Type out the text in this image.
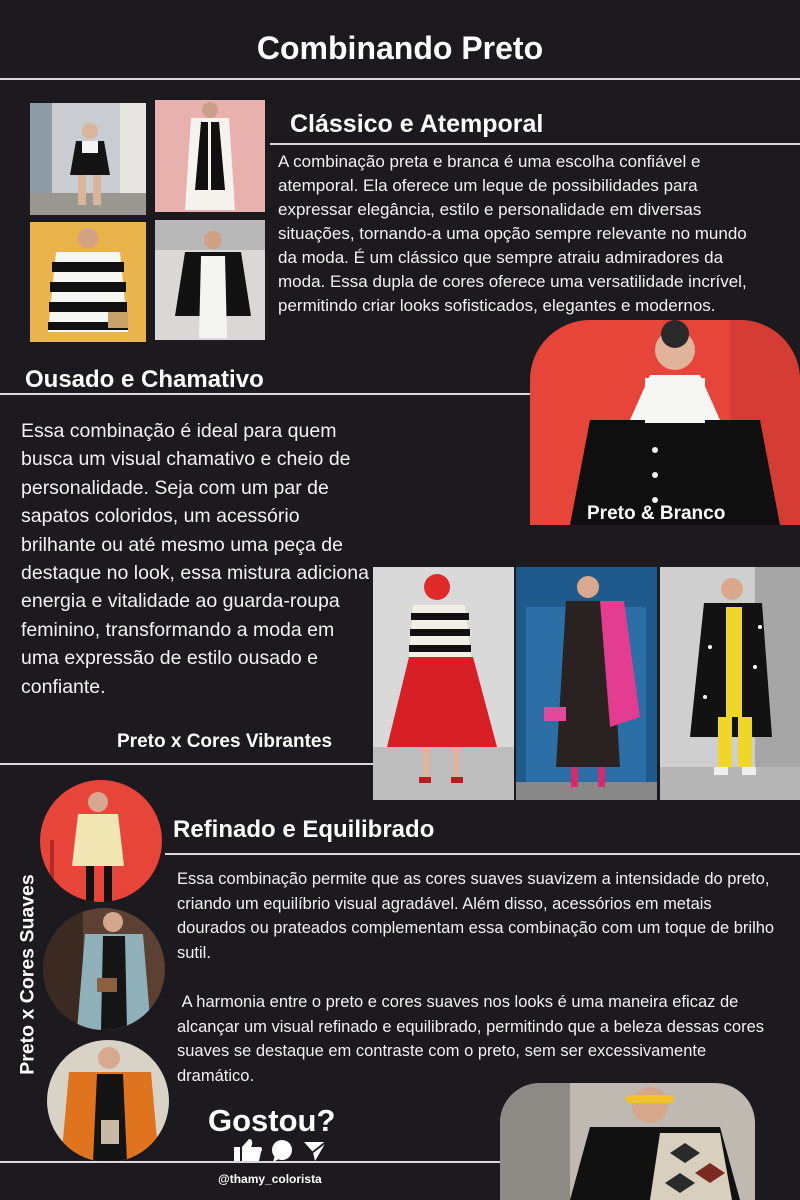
Combinando Preto
Clássico e Atemporal
A combinação preta e branca é uma escolha confiável e atemporal. Ela oferece um leque de possibilidades para expressar elegância, estilo e personalidade em diversas situações, tornando-a uma opção sempre relevante no mundo da moda. É um clássico que sempre atraiu admiradores da moda. Essa dupla de cores oferece uma versatilidade incrível, permitindo criar looks sofisticados, elegantes e modernos.
Preto & Branco
Ousado e Chamativo
Essa combinação é ideal para quem busca um visual chamativo e cheio de personalidade. Seja com um par de sapatos coloridos, um acessório brilhante ou até mesmo uma peça de destaque no look, essa mistura adiciona energia e vitalidade ao guarda-roupa feminino, transformando a moda em uma expressão de estilo ousado e confiante.
Preto x Cores Vibrantes
Preto x Cores Suaves
Refinado e Equilibrado
Essa combinação permite que as cores suaves suavizem a intensidade do preto, criando um equilíbrio visual agradável. Além disso, acessórios em metais dourados ou prateados complementam essa combinação com um toque de brilho sutil.
A harmonia entre o preto e cores suaves nos looks é uma maneira eficaz de alcançar um visual refinado e equilibrado, permitindo que a beleza dessas cores suaves se destaque em contraste com o preto, sem ser excessivamente dramático.
Gostou?
@thamy_colorista
